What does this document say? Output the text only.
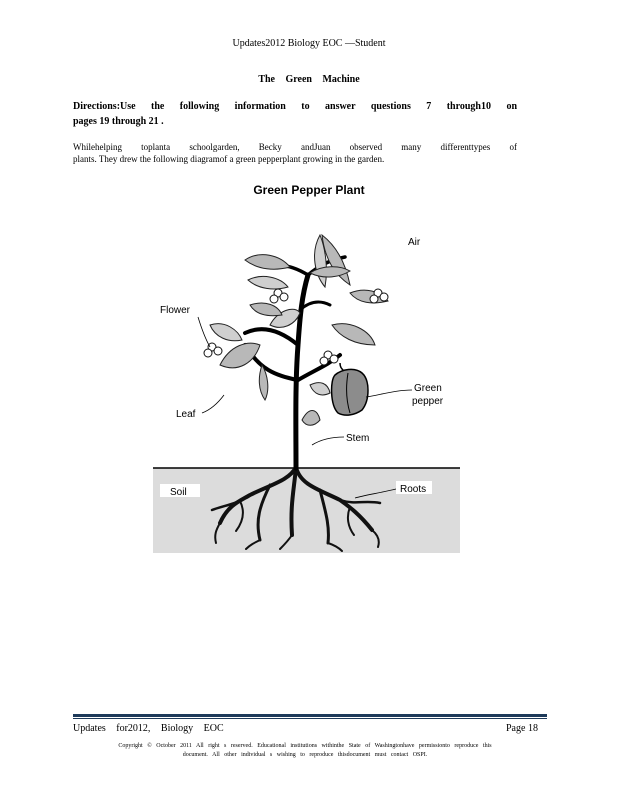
Updates2012 Biology EOC —Student
The Green Machine
Directions:Use the following information to answer questions 7 through10 on
pages 19 through 21 .
Whilehelping toplanta schoolgarden, Becky andJuan observed many differenttypes of
plants. They drew the following diagramof a green pepperplant growing in the garden.
Green Pepper Plant
Air
Flower
Green
pepper
Leaf
Stem
Soil	Roots
Updates for2012, Biology EOC	Page 18
Copyright © October 2011 All right s reserved. Educational institutions withinthe State of Washingtonhave permissionto reproduce this
document. All other individual s wishing to reproduce thisdocument must contact OSPI.
